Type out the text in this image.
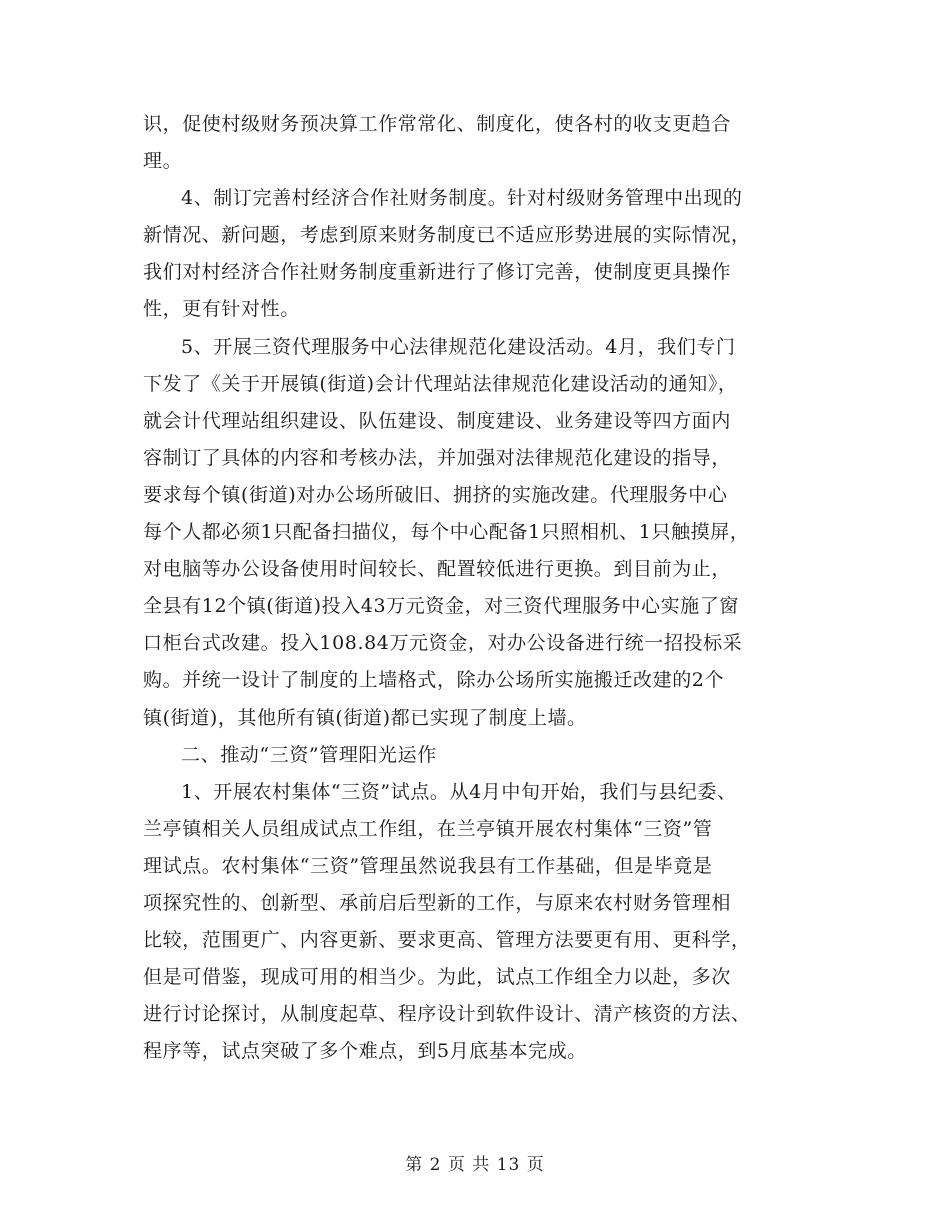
识，促使村级财务预决算工作常常化、制度化，使各村的收支更趋合
理。
4、制订完善村经济合作社财务制度。针对村级财务管理中出现的
新情况、新问题，考虑到原来财务制度已不适应形势进展的实际情况，
我们对村经济合作社财务制度重新进行了修订完善，使制度更具操作
性，更有针对性。
5、开展三资代理服务中心法律规范化建设活动。4月，我们专门
下发了《关于开展镇(街道)会计代理站法律规范化建设活动的通知》，
就会计代理站组织建设、队伍建设、制度建设、业务建设等四方面内
容制订了具体的内容和考核办法，并加强对法律规范化建设的指导，
要求每个镇(街道)对办公场所破旧、拥挤的实施改建。代理服务中心
每个人都必须1只配备扫描仪，每个中心配备1只照相机、1只触摸屏，
对电脑等办公设备使用时间较长、配置较低进行更换。到目前为止，
全县有12个镇(街道)投入43万元资金，对三资代理服务中心实施了窗
口柜台式改建。投入108.84万元资金，对办公设备进行统一招投标采
购。并统一设计了制度的上墙格式，除办公场所实施搬迁改建的2个
镇(街道)，其他所有镇(街道)都已实现了制度上墙。
二、推动“三资”管理阳光运作
1、开展农村集体“三资”试点。从4月中旬开始，我们与县纪委、
兰亭镇相关人员组成试点工作组，在兰亭镇开展农村集体“三资”管
理试点。农村集体“三资”管理虽然说我县有工作基础，但是毕竟是
项探究性的、创新型、承前启后型新的工作，与原来农村财务管理相
比较，范围更广、内容更新、要求更高、管理方法要更有用、更科学，
但是可借鉴，现成可用的相当少。为此，试点工作组全力以赴，多次
进行讨论探讨，从制度起草、程序设计到软件设计、清产核资的方法、
程序等，试点突破了多个难点，到5月底基本完成。
第 2 页 共 13 页
